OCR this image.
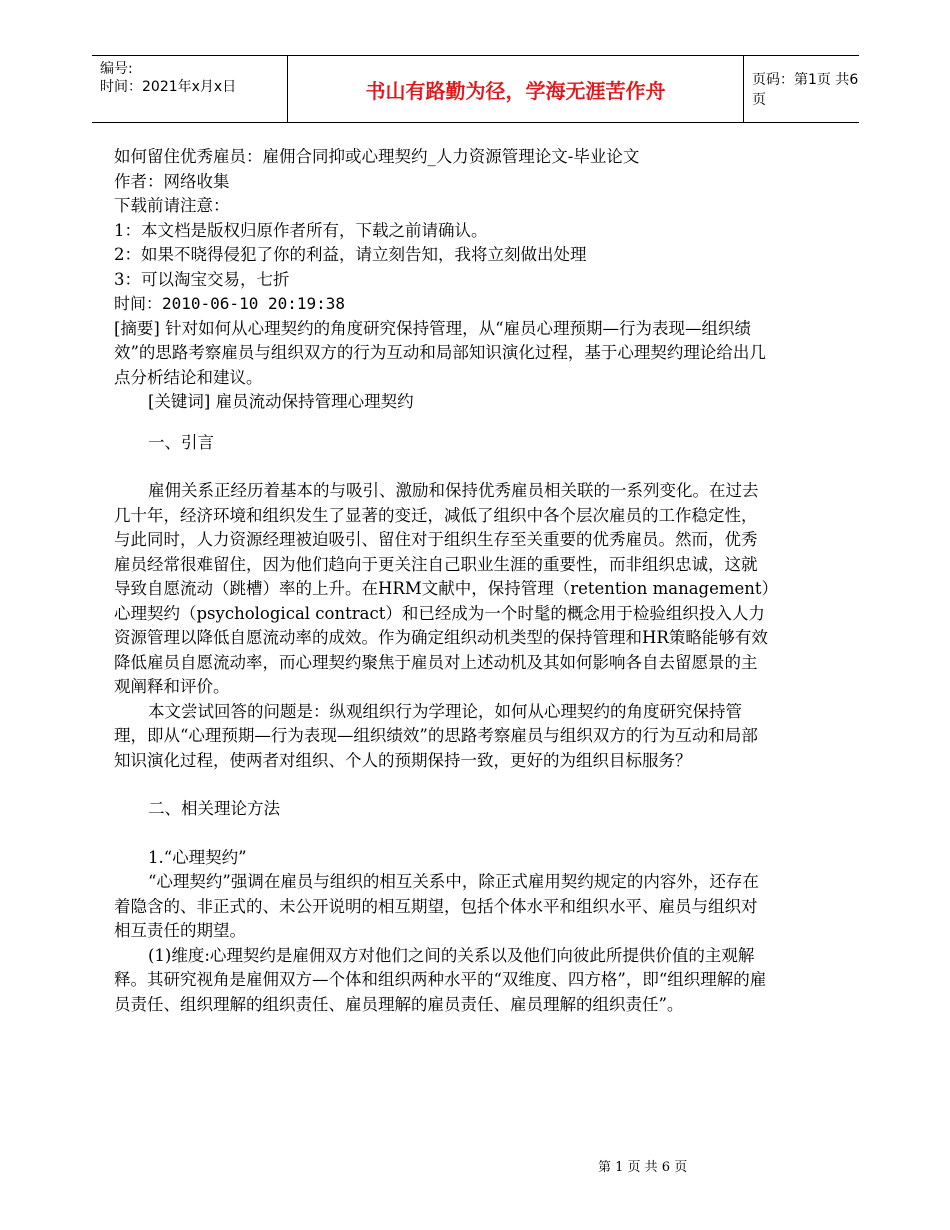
编号:
时间：2021年x月x日	书山有路勤为径，学海无涯苦作舟	页码：第1页 共6页

如何留住优秀雇员：雇佣合同抑或心理契约_人力资源管理论文-毕业论文

作者：网络收集

下载前请注意：

1：本文档是版权归原作者所有，下载之前请确认。

2：如果不晓得侵犯了你的利益，请立刻告知，我将立刻做出处理

3：可以淘宝交易，七折

时间：2010-06-10 20:19:38

[摘要] 针对如何从心理契约的角度研究保持管理，从“雇员心理预期—行为表现—组织绩效”的思路考察雇员与组织双方的行为互动和局部知识演化过程，基于心理契约理论给出几点分析结论和建议。

[关键词] 雇员流动保持管理心理契约

一、引言

雇佣关系正经历着基本的与吸引、激励和保持优秀雇员相关联的一系列变化。在过去几十年，经济环境和组织发生了显著的变迁，减低了组织中各个层次雇员的工作稳定性，与此同时，人力资源经理被迫吸引、留住对于组织生存至关重要的优秀雇员。然而，优秀雇员经常很难留住，因为他们趋向于更关注自己职业生涯的重要性，而非组织忠诚，这就导致自愿流动（跳槽）率的上升。在HRM文献中，保持管理（retention management）心理契约（psychological contract）和已经成为一个时髦的概念用于检验组织投入人力资源管理以降低自愿流动率的成效。作为确定组织动机类型的保持管理和HR策略能够有效降低雇员自愿流动率，而心理契约聚焦于雇员对上述动机及其如何影响各自去留愿景的主观阐释和评价。

本文尝试回答的问题是：纵观组织行为学理论，如何从心理契约的角度研究保持管理，即从“心理预期—行为表现—组织绩效”的思路考察雇员与组织双方的行为互动和局部知识演化过程，使两者对组织、个人的预期保持一致，更好的为组织目标服务？

二、相关理论方法

1.“心理契约”

“心理契约”强调在雇员与组织的相互关系中，除正式雇用契约规定的内容外，还存在着隐含的、非正式的、未公开说明的相互期望，包括个体水平和组织水平、雇员与组织对相互责任的期望。

(1)维度:心理契约是雇佣双方对他们之间的关系以及他们向彼此所提供价值的主观解释。其研究视角是雇佣双方—个体和组织两种水平的“双维度、四方格”，即“组织理解的雇员责任、组织理解的组织责任、雇员理解的雇员责任、雇员理解的组织责任”。

第 1 页 共 6 页
